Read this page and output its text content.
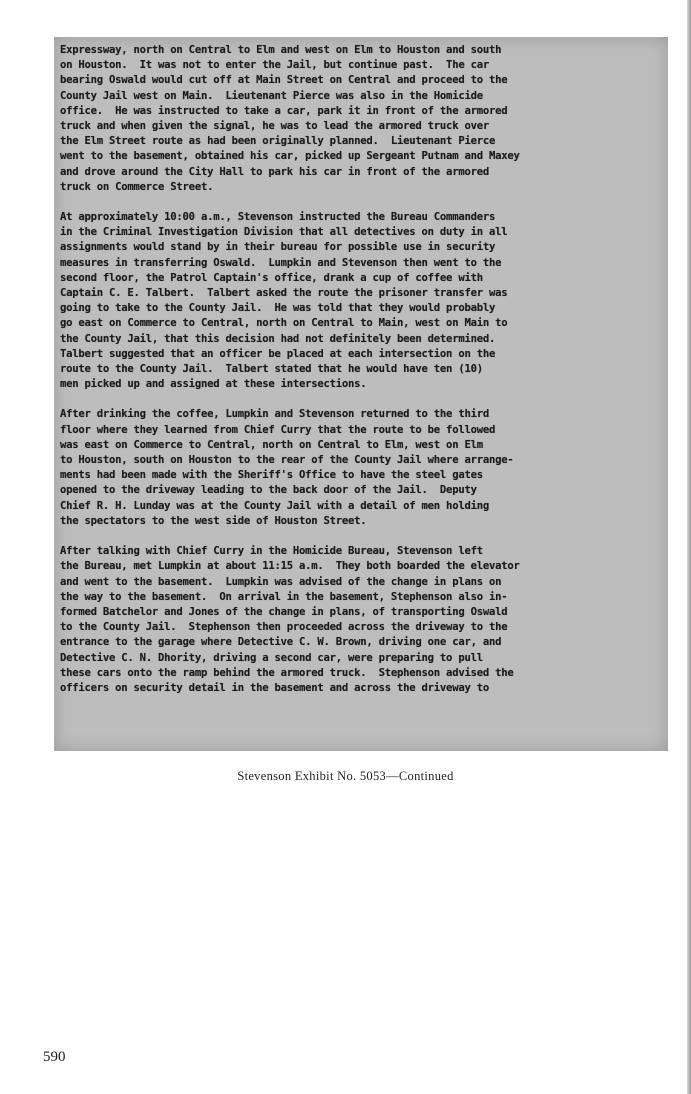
Expressway, north on Central to Elm and west on Elm to Houston and south
on Houston.  It was not to enter the Jail, but continue past.  The car
bearing Oswald would cut off at Main Street on Central and proceed to the
County Jail west on Main.  Lieutenant Pierce was also in the Homicide
office.  He was instructed to take a car, park it in front of the armored
truck and when given the signal, he was to lead the armored truck over
the Elm Street route as had been originally planned.  Lieutenant Pierce
went to the basement, obtained his car, picked up Sergeant Putnam and Maxey
and drove around the City Hall to park his car in front of the armored
truck on Commerce Street.

At approximately 10:00 a.m., Stevenson instructed the Bureau Commanders
in the Criminal Investigation Division that all detectives on duty in all
assignments would stand by in their bureau for possible use in security
measures in transferring Oswald.  Lumpkin and Stevenson then went to the
second floor, the Patrol Captain's office, drank a cup of coffee with
Captain C. E. Talbert.  Talbert asked the route the prisoner transfer was
going to take to the County Jail.  He was told that they would probably
go east on Commerce to Central, north on Central to Main, west on Main to
the County Jail, that this decision had not definitely been determined.
Talbert suggested that an officer be placed at each intersection on the
route to the County Jail.  Talbert stated that he would have ten (10)
men picked up and assigned at these intersections.

After drinking the coffee, Lumpkin and Stevenson returned to the third
floor where they learned from Chief Curry that the route to be followed
was east on Commerce to Central, north on Central to Elm, west on Elm
to Houston, south on Houston to the rear of the County Jail where arrange-
ments had been made with the Sheriff's Office to have the steel gates
opened to the driveway leading to the back door of the Jail.  Deputy
Chief R. H. Lunday was at the County Jail with a detail of men holding
the spectators to the west side of Houston Street.

After talking with Chief Curry in the Homicide Bureau, Stevenson left
the Bureau, met Lumpkin at about 11:15 a.m.  They both boarded the elevator
and went to the basement.  Lumpkin was advised of the change in plans on
the way to the basement.  On arrival in the basement, Stephenson also in-
formed Batchelor and Jones of the change in plans, of transporting Oswald
to the County Jail.  Stephenson then proceeded across the driveway to the
entrance to the garage where Detective C. W. Brown, driving one car, and
Detective C. N. Dhority, driving a second car, were preparing to pull
these cars onto the ramp behind the armored truck.  Stephenson advised the
officers on security detail in the basement and across the driveway to

Stevenson Exhibit No. 5053—Continued
590
